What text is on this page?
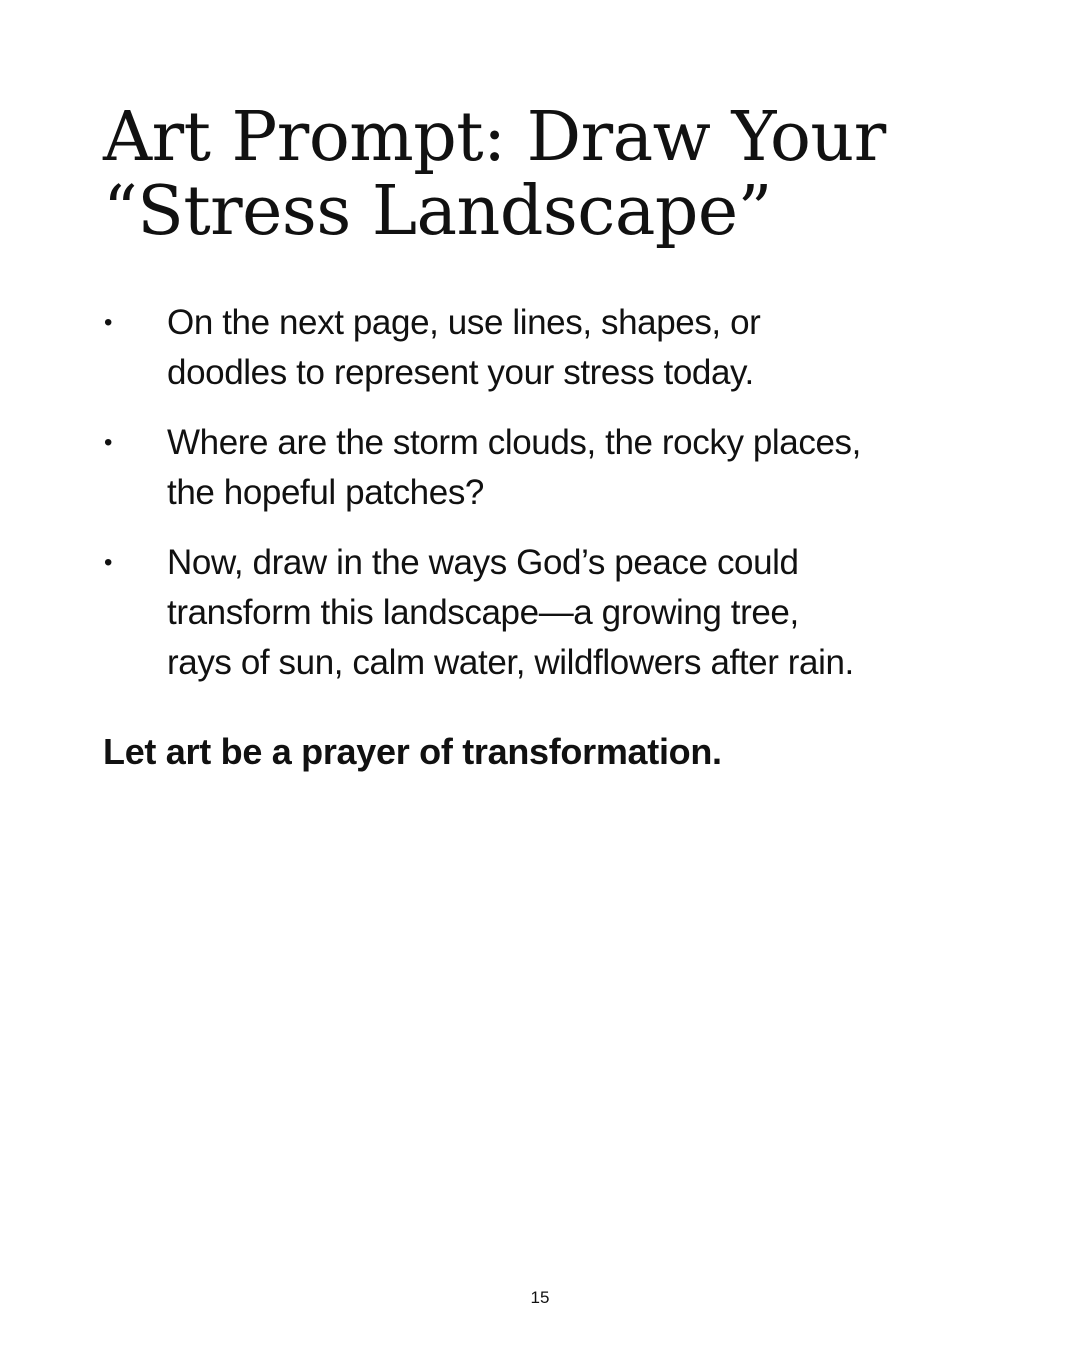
Art Prompt: Draw Your
“Stress Landscape”
•	On the next page, use lines, shapes, or
doodles to represent your stress today.
•	Where are the storm clouds, the rocky places,
the hopeful patches?
•	Now, draw in the ways God’s peace could
transform this landscape—a growing tree,
rays of sun, calm water, wildflowers after rain.

Let art be a prayer of transformation.

15
